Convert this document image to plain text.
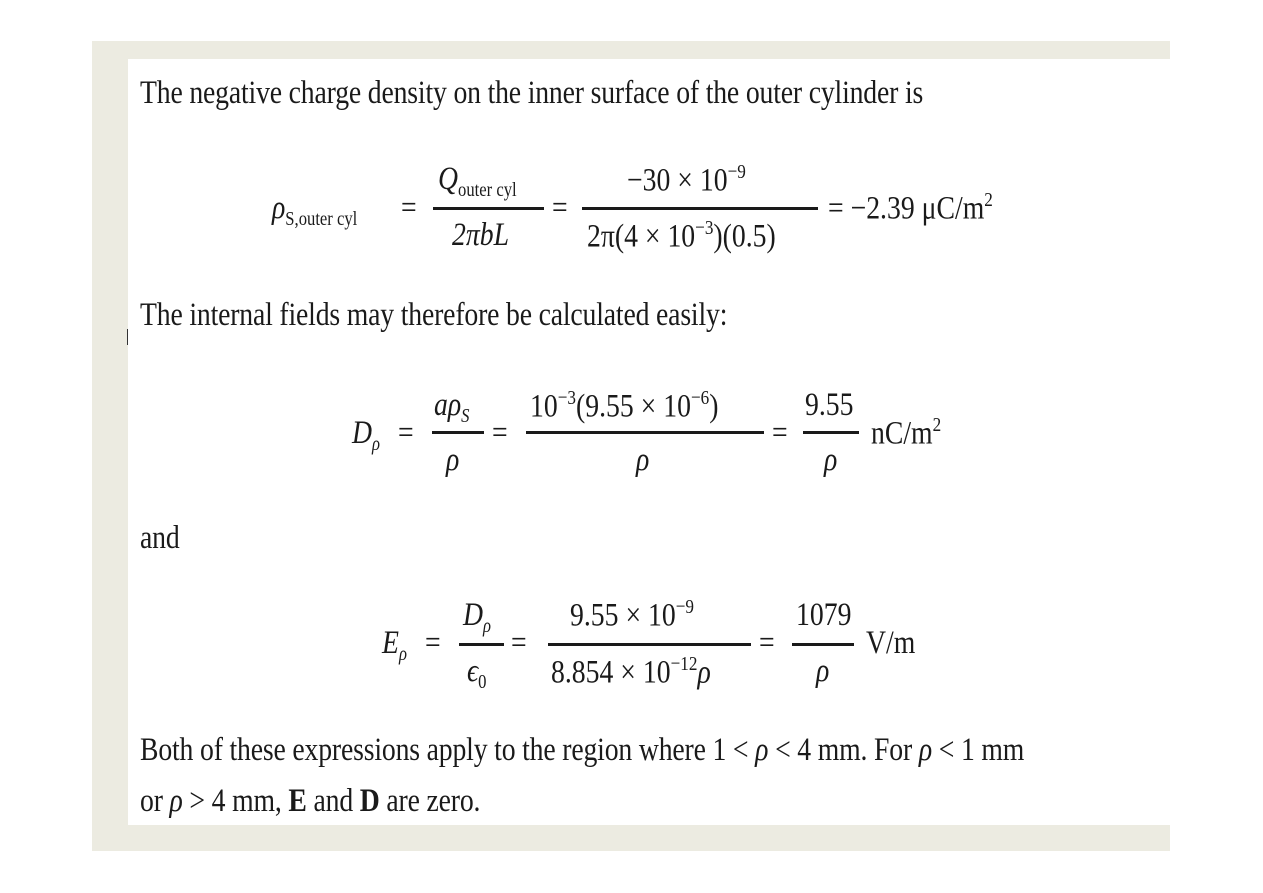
The negative charge density on the inner surface of the outer cylinder is
$\rho_{S,outer cyl}$ =
$Q_{outer cyl}$
2πbL
=
$-30 \times 10^{-9}$
$2\pi(4 \times 10^{-3})(0.5)$
= −2.39 $\mu C/m^2$
The internal fields may therefore be calculated easily:
$D_\rho$ =
$a\rho_S$
ρ
=
$10^{-3}(9.55 \times 10^{-6})$
ρ
=
9.55
ρ
$nC/m^2$
and
$E_\rho$ =
$D_\rho$
$\epsilon_0$
=
$9.55 \times 10^{-9}$
$8.854 \times 10^{-12}\rho$
=
1079
ρ
V/m
Both of these expressions apply to the region where 1 < ρ < 4 mm. For ρ < 1 mm
or ρ > 4 mm, E and D are zero.
